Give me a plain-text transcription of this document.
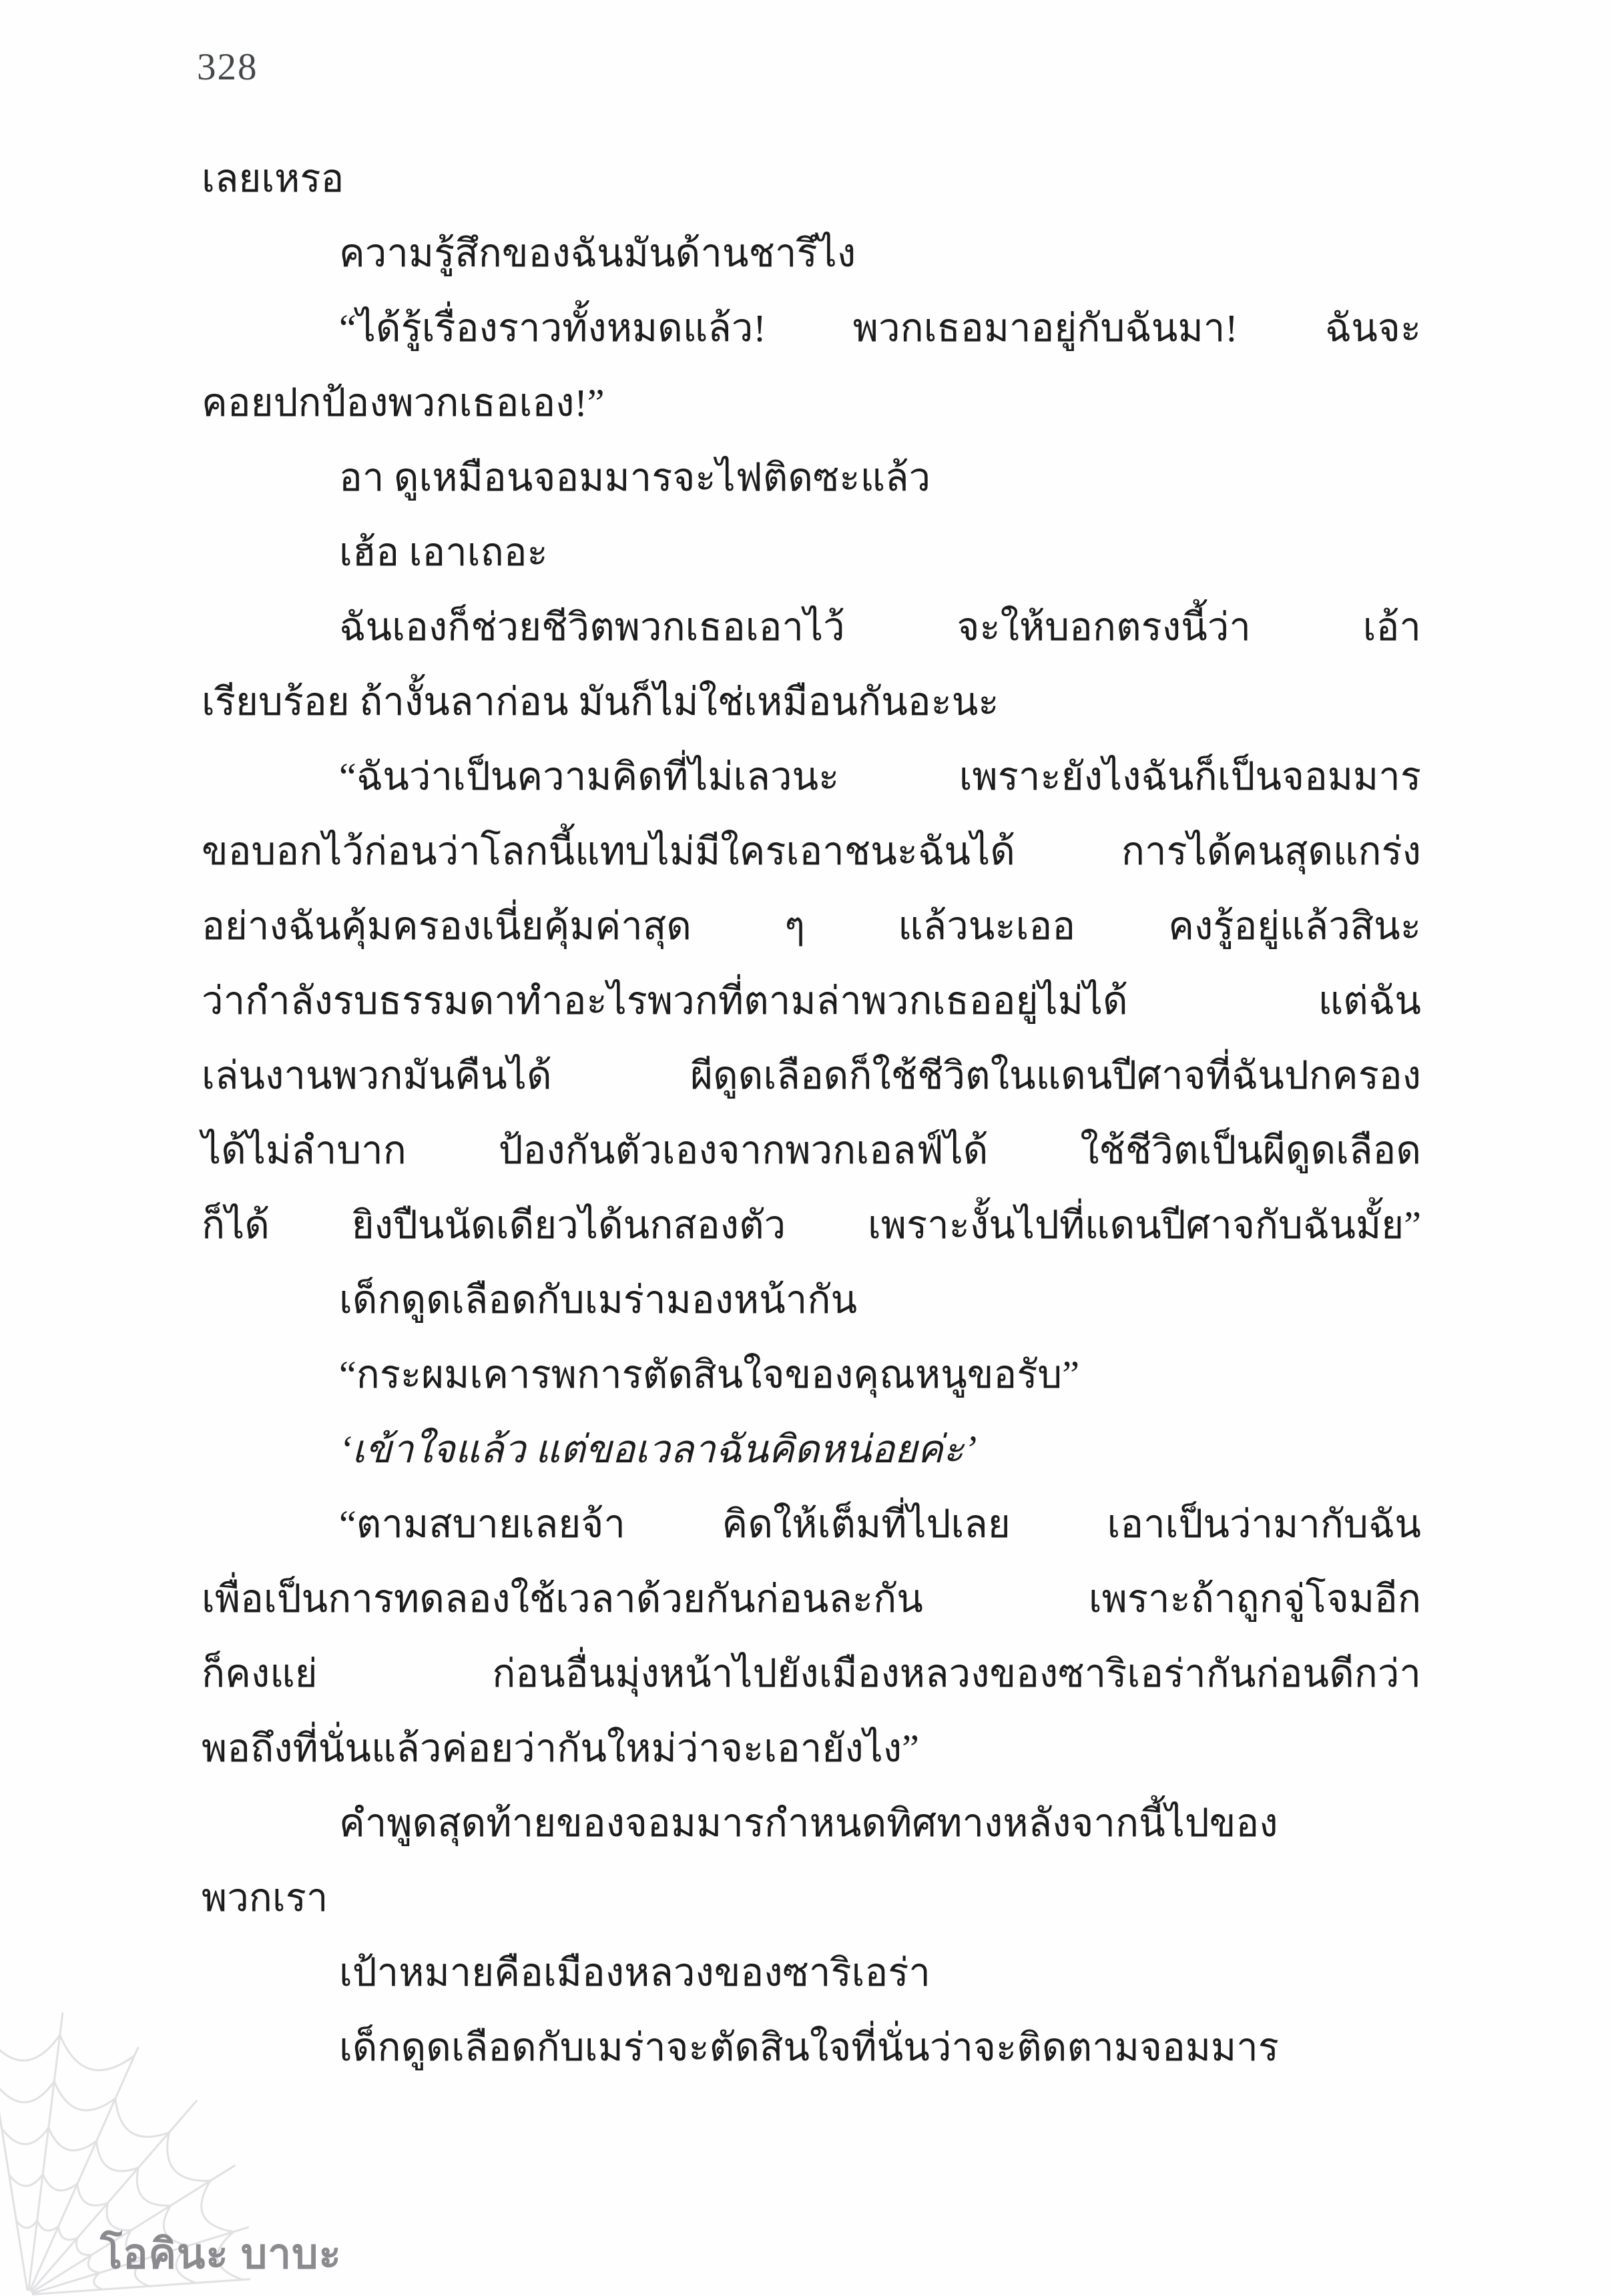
328
เลยเหรอ
ความรู้สึกของฉันมันด้านชารึไง
“ได้รู้เรื่องราวทั้งหมดแล้ว! พวกเธอมาอยู่กับฉันมา! ฉันจะ
คอยปกป้องพวกเธอเอง!”
อา ดูเหมือนจอมมารจะไฟติดซะแล้ว
เฮ้อ เอาเถอะ
ฉันเองก็ช่วยชีวิตพวกเธอเอาไว้ จะให้บอกตรงนี้ว่า เอ้า
เรียบร้อย ถ้างั้นลาก่อน มันก็ไม่ใช่เหมือนกันอะนะ
“ฉันว่าเป็นความคิดที่ไม่เลวนะ เพราะยังไงฉันก็เป็นจอมมาร
ขอบอกไว้ก่อนว่าโลกนี้แทบไม่มีใครเอาชนะฉันได้ การได้คนสุดแกร่ง
อย่างฉันคุ้มครองเนี่ยคุ้มค่าสุด ๆ แล้วนะเออ คงรู้อยู่แล้วสินะ
ว่ากำลังรบธรรมดาทำอะไรพวกที่ตามล่าพวกเธออยู่ไม่ได้ แต่ฉัน
เล่นงานพวกมันคืนได้ ผีดูดเลือดก็ใช้ชีวิตในแดนปีศาจที่ฉันปกครอง
ได้ไม่ลำบาก ป้องกันตัวเองจากพวกเอลฟ์ได้ ใช้ชีวิตเป็นผีดูดเลือด
ก็ได้ ยิงปืนนัดเดียวได้นกสองตัว เพราะงั้นไปที่แดนปีศาจกับฉันมั้ย”
เด็กดูดเลือดกับเมร่ามองหน้ากัน
“กระผมเคารพการตัดสินใจของคุณหนูขอรับ”
‘เข้าใจแล้ว แต่ขอเวลาฉันคิดหน่อยค่ะ’
“ตามสบายเลยจ้า คิดให้เต็มที่ไปเลย เอาเป็นว่ามากับฉัน
เพื่อเป็นการทดลองใช้เวลาด้วยกันก่อนละกัน เพราะถ้าถูกจู่โจมอีก
ก็คงแย่ ก่อนอื่นมุ่งหน้าไปยังเมืองหลวงของซาริเอร่ากันก่อนดีกว่า
พอถึงที่นั่นแล้วค่อยว่ากันใหม่ว่าจะเอายังไง”
คำพูดสุดท้ายของจอมมารกำหนดทิศทางหลังจากนี้ไปของ
พวกเรา
เป้าหมายคือเมืองหลวงของซาริเอร่า
เด็กดูดเลือดกับเมร่าจะตัดสินใจที่นั่นว่าจะติดตามจอมมาร
โอคินะ บาบะ
